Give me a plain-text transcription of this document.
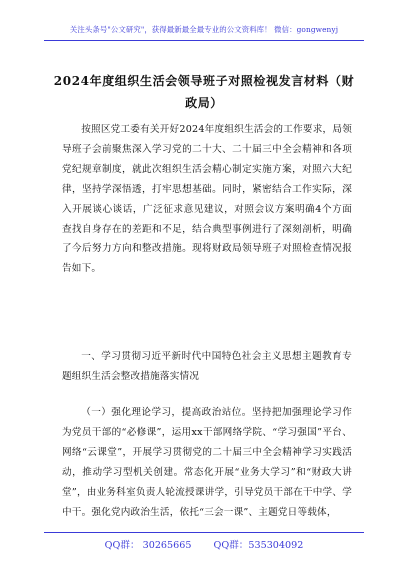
关注头条号"公文研究"，获得最新最全最专业的公文资料库！ 微信：gongwenyj
2024年度组织生活会领导班子对照检视发言材料（财政局）
按照区党工委有关开好2024年度组织生活会的工作要求，局领导班子会前聚焦深入学习党的二十大、二十届三中全会精神和各项党纪规章制度，就此次组织生活会精心制定实施方案，对照六大纪律，坚持学深悟透，打牢思想基础。同时，紧密结合工作实际，深入开展谈心谈话，广泛征求意见建议，对照会议方案明确4个方面查找自身存在的差距和不足，结合典型事例进行了深刻剖析，明确了今后努力方向和整改措施。现将财政局领导班子对照检查情况报告如下。
一、学习贯彻习近平新时代中国特色社会主义思想主题教育专题组织生活会整改措施落实情况
（一）强化理论学习，提高政治站位。坚持把加强理论学习作为党员干部的“必修课”，运用xx干部网络学院、“学习强国”平台、网络“云课堂”，开展学习贯彻党的二十届三中全会精神学习实践活动，推动学习型机关创建。常态化开展“业务大学习”和“财政大讲堂”，由业务科室负责人轮流授课讲学，引导党员干部在干中学、学中干。强化党内政治生活，依托“三会一课”、主题党日等载体，
QQ群： 30265665 QQ群：535304092
